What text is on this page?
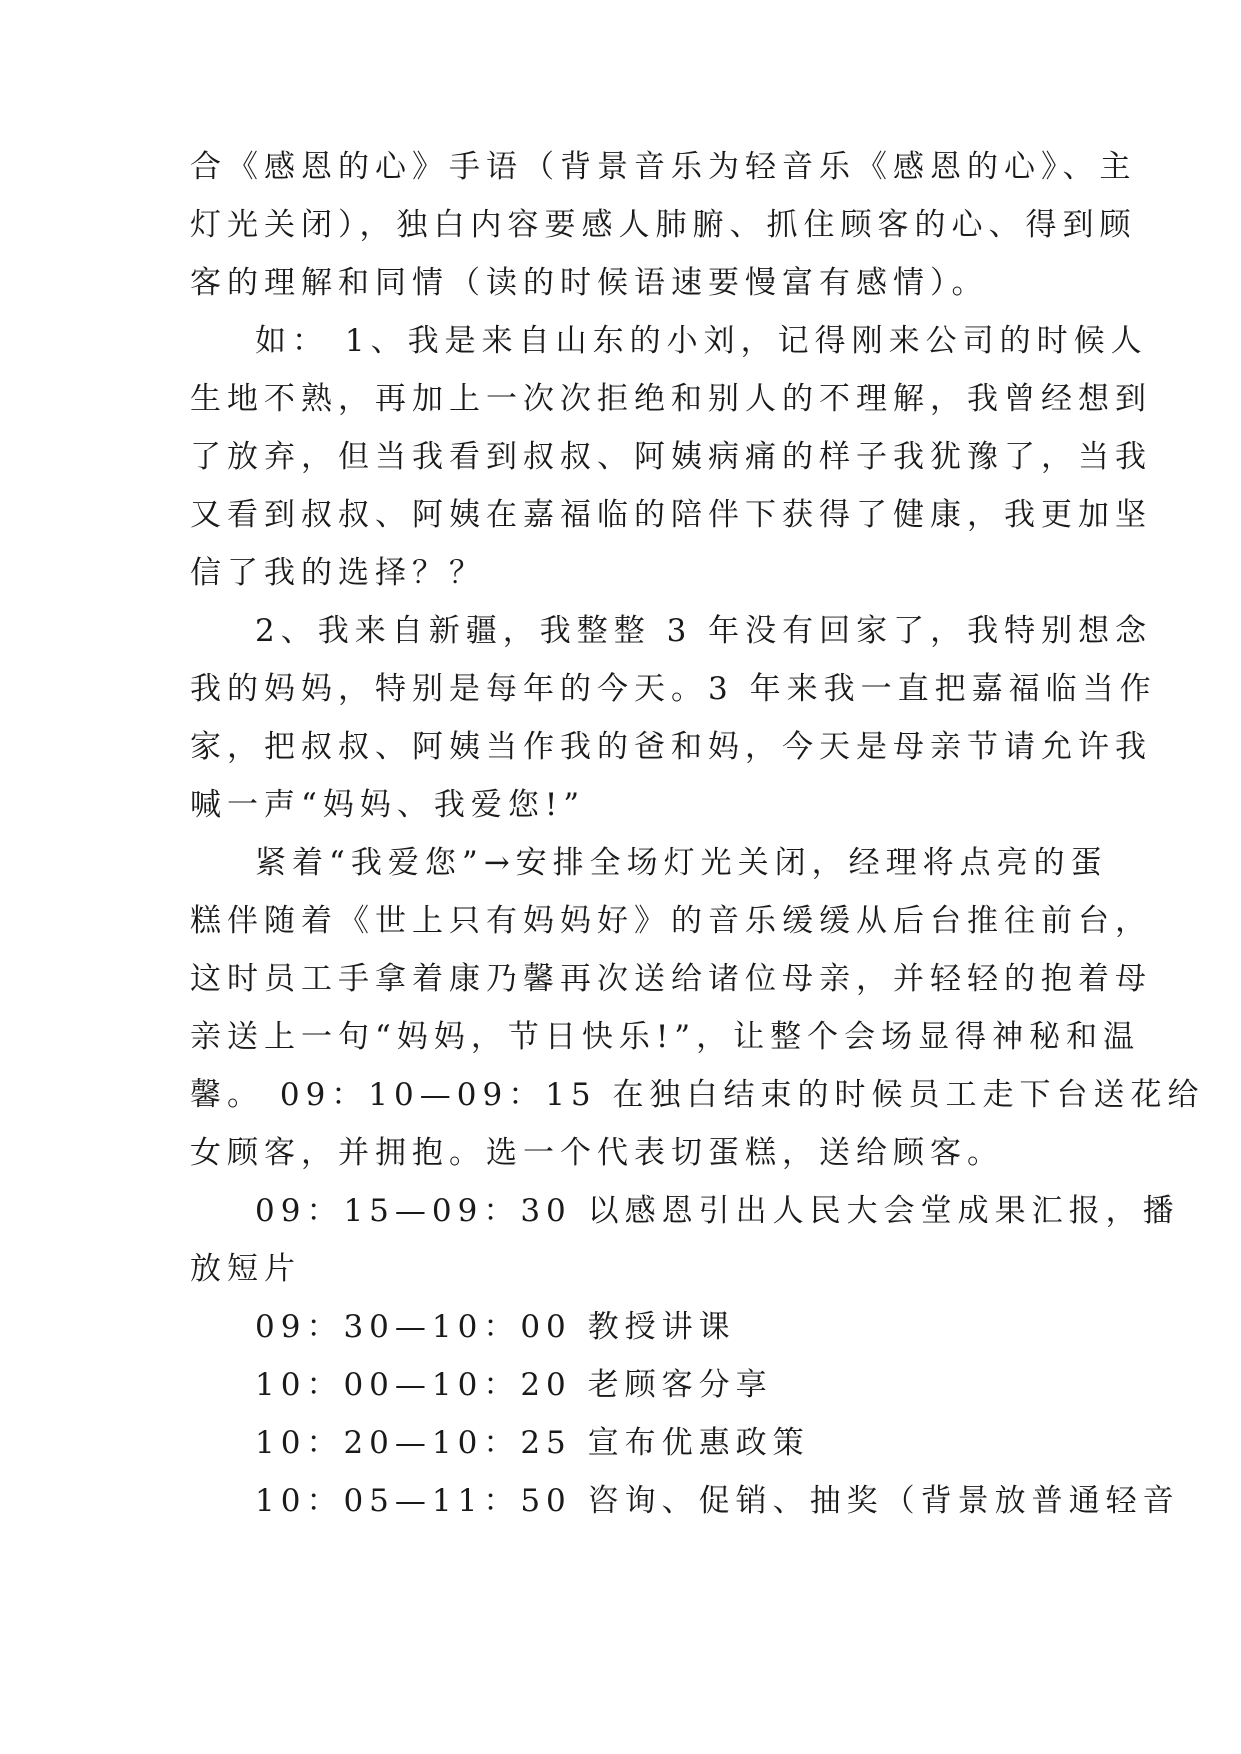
合《感恩的心》手语（背景音乐为轻音乐《感恩的心》、主
灯光关闭），独白内容要感人肺腑、抓住顾客的心、得到顾
客的理解和同情（读的时候语速要慢富有感情）。
如： 1、我是来自山东的小刘，记得刚来公司的时候人
生地不熟，再加上一次次拒绝和别人的不理解，我曾经想到
了放弃，但当我看到叔叔、阿姨病痛的样子我犹豫了，当我
又看到叔叔、阿姨在嘉福临的陪伴下获得了健康，我更加坚
信了我的选择？？
2、我来自新疆，我整整 3 年没有回家了，我特别想念
我的妈妈，特别是每年的今天。3 年来我一直把嘉福临当作
家，把叔叔、阿姨当作我的爸和妈，今天是母亲节请允许我
喊一声“妈妈、我爱您!”
紧着“我爱您”→安排全场灯光关闭，经理将点亮的蛋
糕伴随着《世上只有妈妈好》的音乐缓缓从后台推往前台，
这时员工手拿着康乃馨再次送给诸位母亲，并轻轻的抱着母
亲送上一句“妈妈，节日快乐!”，让整个会场显得神秘和温
馨。 09：10—09：15 在独白结束的时候员工走下台送花给
女顾客，并拥抱。选一个代表切蛋糕，送给顾客。
09：15—09：30 以感恩引出人民大会堂成果汇报，播
放短片
09：30—10：00 教授讲课
10：00—10：20 老顾客分享
10：20—10：25 宣布优惠政策
10：05—11：50 咨询、促销、抽奖（背景放普通轻音
